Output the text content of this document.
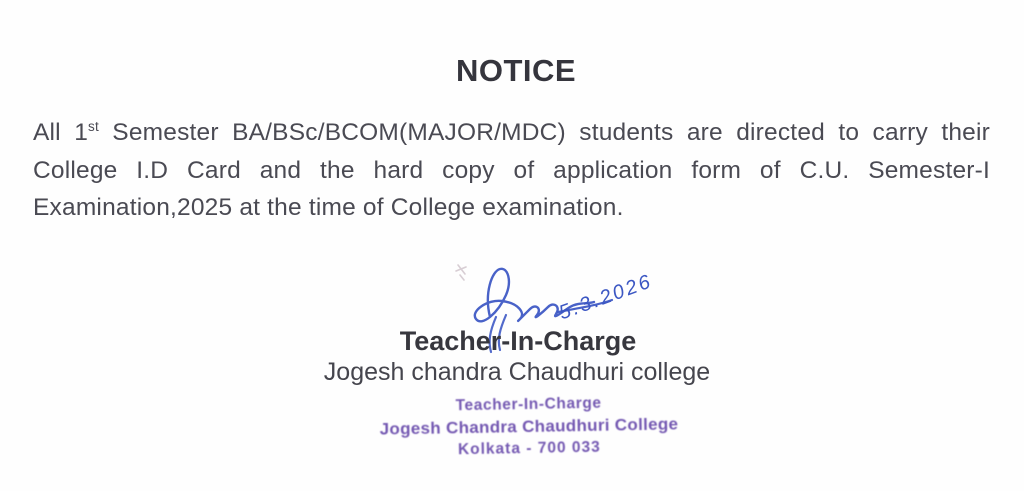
NOTICE
All 1st Semester BA/BSc/BCOM(MAJOR/MDC) students are directed to carry their
College I.D Card and the hard copy of application form of C.U. Semester-I
Examination,2025 at the time of College examination.
5.3.2026
Teacher-In-Charge
Jogesh chandra Chaudhuri college
Teacher-In-Charge
Jogesh Chandra Chaudhuri College
Kolkata - 700 033
